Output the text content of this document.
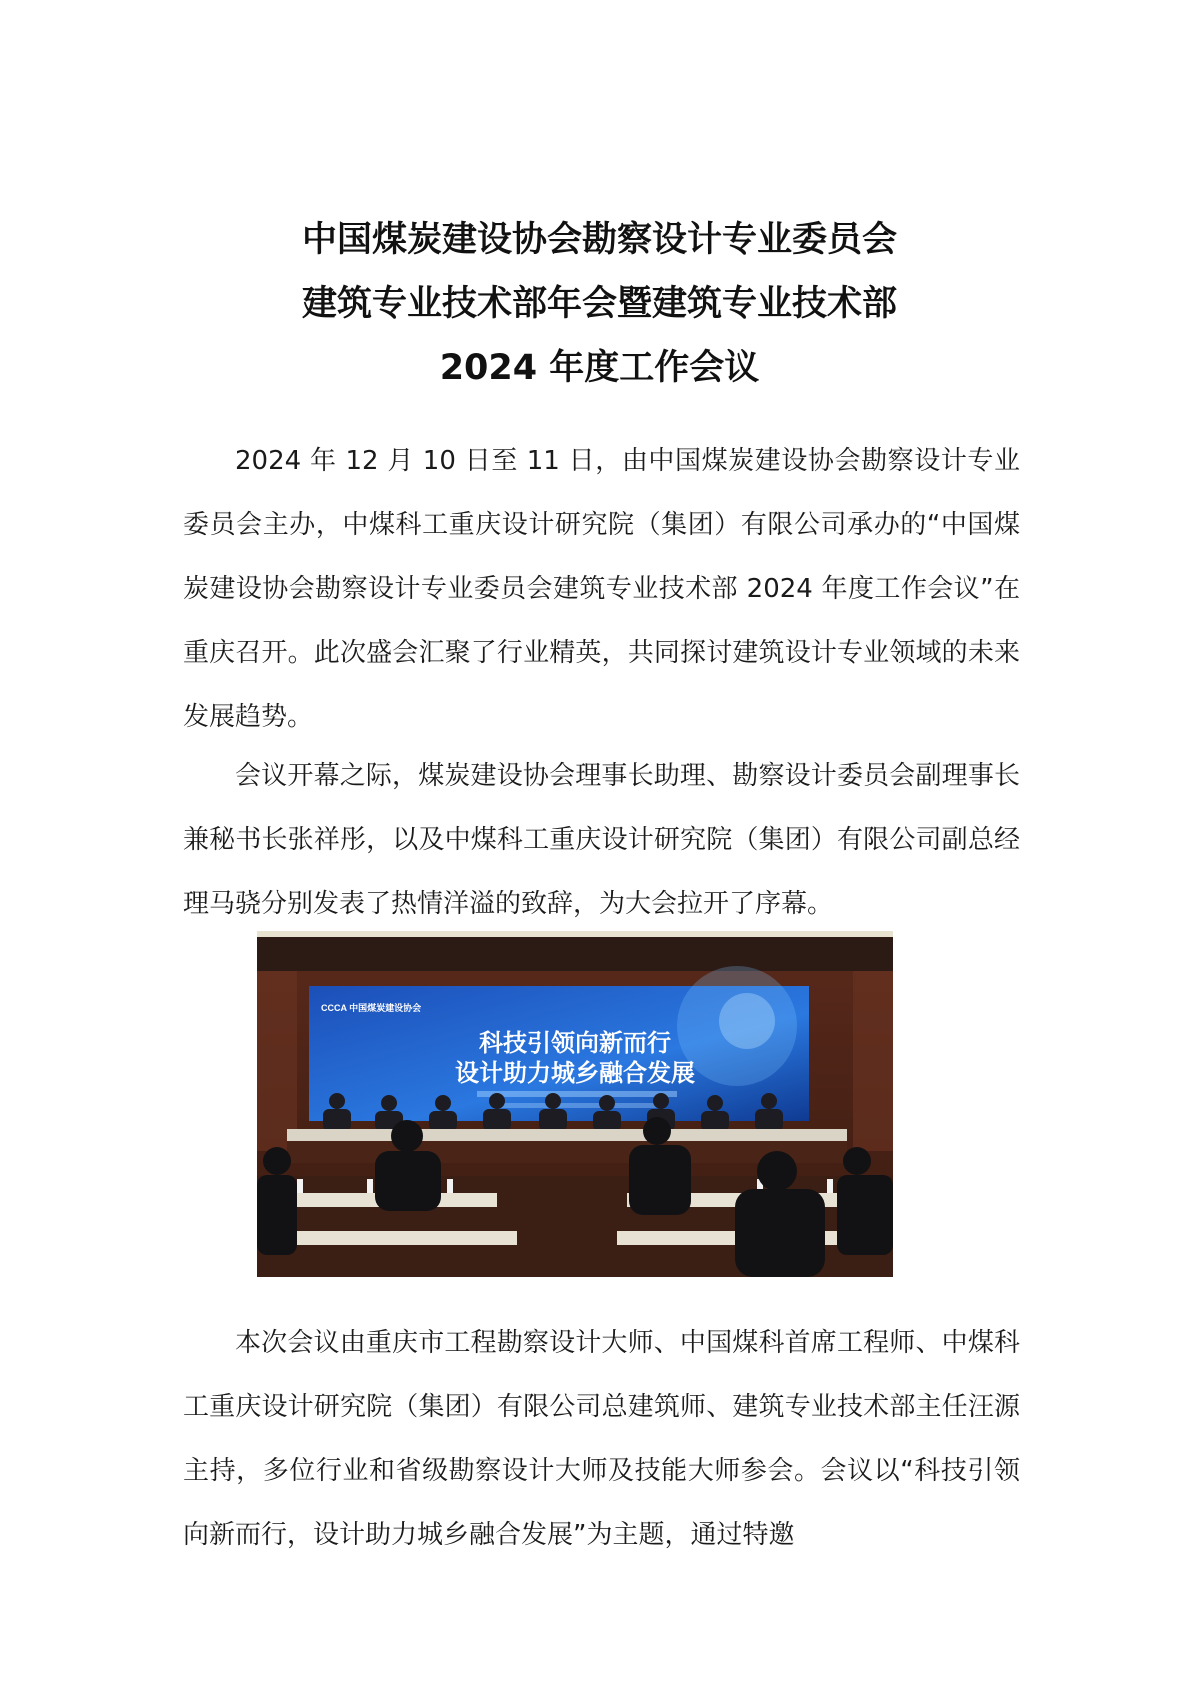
中国煤炭建设协会勘察设计专业委员会
建筑专业技术部年会暨建筑专业技术部
2024 年度工作会议

2024 年 12 月 10 日至 11 日，由中国煤炭建设协会勘察设计专业委员会主办，中煤科工重庆设计研究院（集团）有限公司承办的“中国煤炭建设协会勘察设计专业委员会建筑专业技术部 2024 年度工作会议”在重庆召开。此次盛会汇聚了行业精英，共同探讨建筑设计专业领域的未来发展趋势。

会议开幕之际，煤炭建设协会理事长助理、勘察设计委员会副理事长兼秘书长张祥彤，以及中煤科工重庆设计研究院（集团）有限公司副总经理马骁分别发表了热情洋溢的致辞，为大会拉开了序幕。

CCCA 中国煤炭建设协会
科技引领向新而行
设计助力城乡融合发展

本次会议由重庆市工程勘察设计大师、中国煤科首席工程师、中煤科工重庆设计研究院（集团）有限公司总建筑师、建筑专业技术部主任汪源主持，多位行业和省级勘察设计大师及技能大师参会。会议以“科技引领向新而行，设计助力城乡融合发展”为主题，通过特邀
